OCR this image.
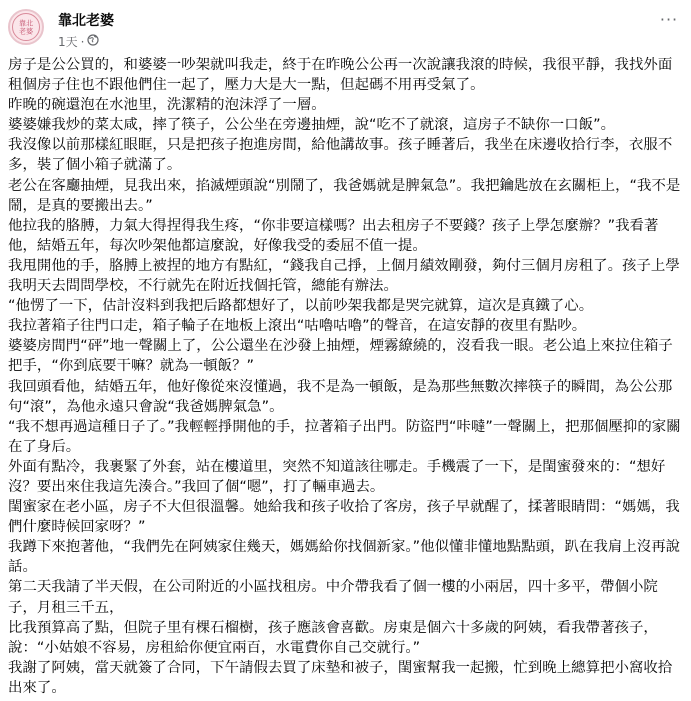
靠北老婆
靠北老婆
1天 ·
···

房子是公公買的，和婆婆一吵架就叫我走，終于在昨晚公公再一次說讓我滾的時候，我很平靜，我找外面租個房子住也不跟他們住一起了，壓力大是大一點，但起碼不用再受氣了。

昨晚的碗還泡在水池里，洗潔精的泡沫浮了一層。

婆婆嫌我炒的菜太咸，摔了筷子，公公坐在旁邊抽煙，說“吃不了就滾，這房子不缺你一口飯”。

我沒像以前那樣紅眼眶，只是把孩子抱進房間，給他講故事。孩子睡著后，我坐在床邊收拾行李，衣服不多，裝了個小箱子就滿了。

老公在客廳抽煙，見我出來，掐滅煙頭說“別鬧了，我爸媽就是脾氣急”。我把鑰匙放在玄關柜上，“我不是鬧，是真的要搬出去。”

他拉我的胳膊，力氣大得捏得我生疼，“你非要這樣嗎？出去租房子不要錢？孩子上學怎麼辦？”我看著他，結婚五年，每次吵架他都這麼說，好像我受的委屈不值一提。

我甩開他的手，胳膊上被捏的地方有點紅，“錢我自己掙，上個月績效剛發，夠付三個月房租了。孩子上學我明天去問問學校，不行就先在附近找個托管，總能有辦法。

“他愣了一下，估計沒料到我把后路都想好了，以前吵架我都是哭完就算，這次是真鐵了心。

我拉著箱子往門口走，箱子輪子在地板上滾出“咕嚕咕嚕”的聲音，在這安靜的夜里有點吵。

婆婆房間門“砰”地一聲關上了，公公還坐在沙發上抽煙，煙霧繚繞的，沒看我一眼。老公追上來拉住箱子把手，“你到底要干嘛？就為一頓飯？”

我回頭看他，結婚五年，他好像從來沒懂過，我不是為一頓飯，是為那些無數次摔筷子的瞬間，為公公那句“滾”，為他永遠只會說“我爸媽脾氣急”。

“我不想再過這種日子了。”我輕輕掙開他的手，拉著箱子出門。防盜門“咔噠”一聲關上，把那個壓抑的家關在了身后。

外面有點冷，我裹緊了外套，站在樓道里，突然不知道該往哪走。手機震了一下，是閨蜜發來的：“想好沒？要出來住我這先湊合。”我回了個“嗯”，打了輛車過去。

閨蜜家在老小區，房子不大但很溫馨。她給我和孩子收拾了客房，孩子早就醒了，揉著眼睛問：“媽媽，我們什麼時候回家呀？”

我蹲下來抱著他，“我們先在阿姨家住幾天，媽媽給你找個新家。”他似懂非懂地點點頭，趴在我肩上沒再說話。

第二天我請了半天假，在公司附近的小區找租房。中介帶我看了個一樓的小兩居，四十多平，帶個小院子，月租三千五，

比我預算高了點，但院子里有棵石榴樹，孩子應該會喜歡。房東是個六十多歲的阿姨，看我帶著孩子，說：“小姑娘不容易，房租給你便宜兩百，水電費你自己交就行。”

我謝了阿姨，當天就簽了合同，下午請假去買了床墊和被子，閨蜜幫我一起搬，忙到晚上總算把小窩收拾出來了。
